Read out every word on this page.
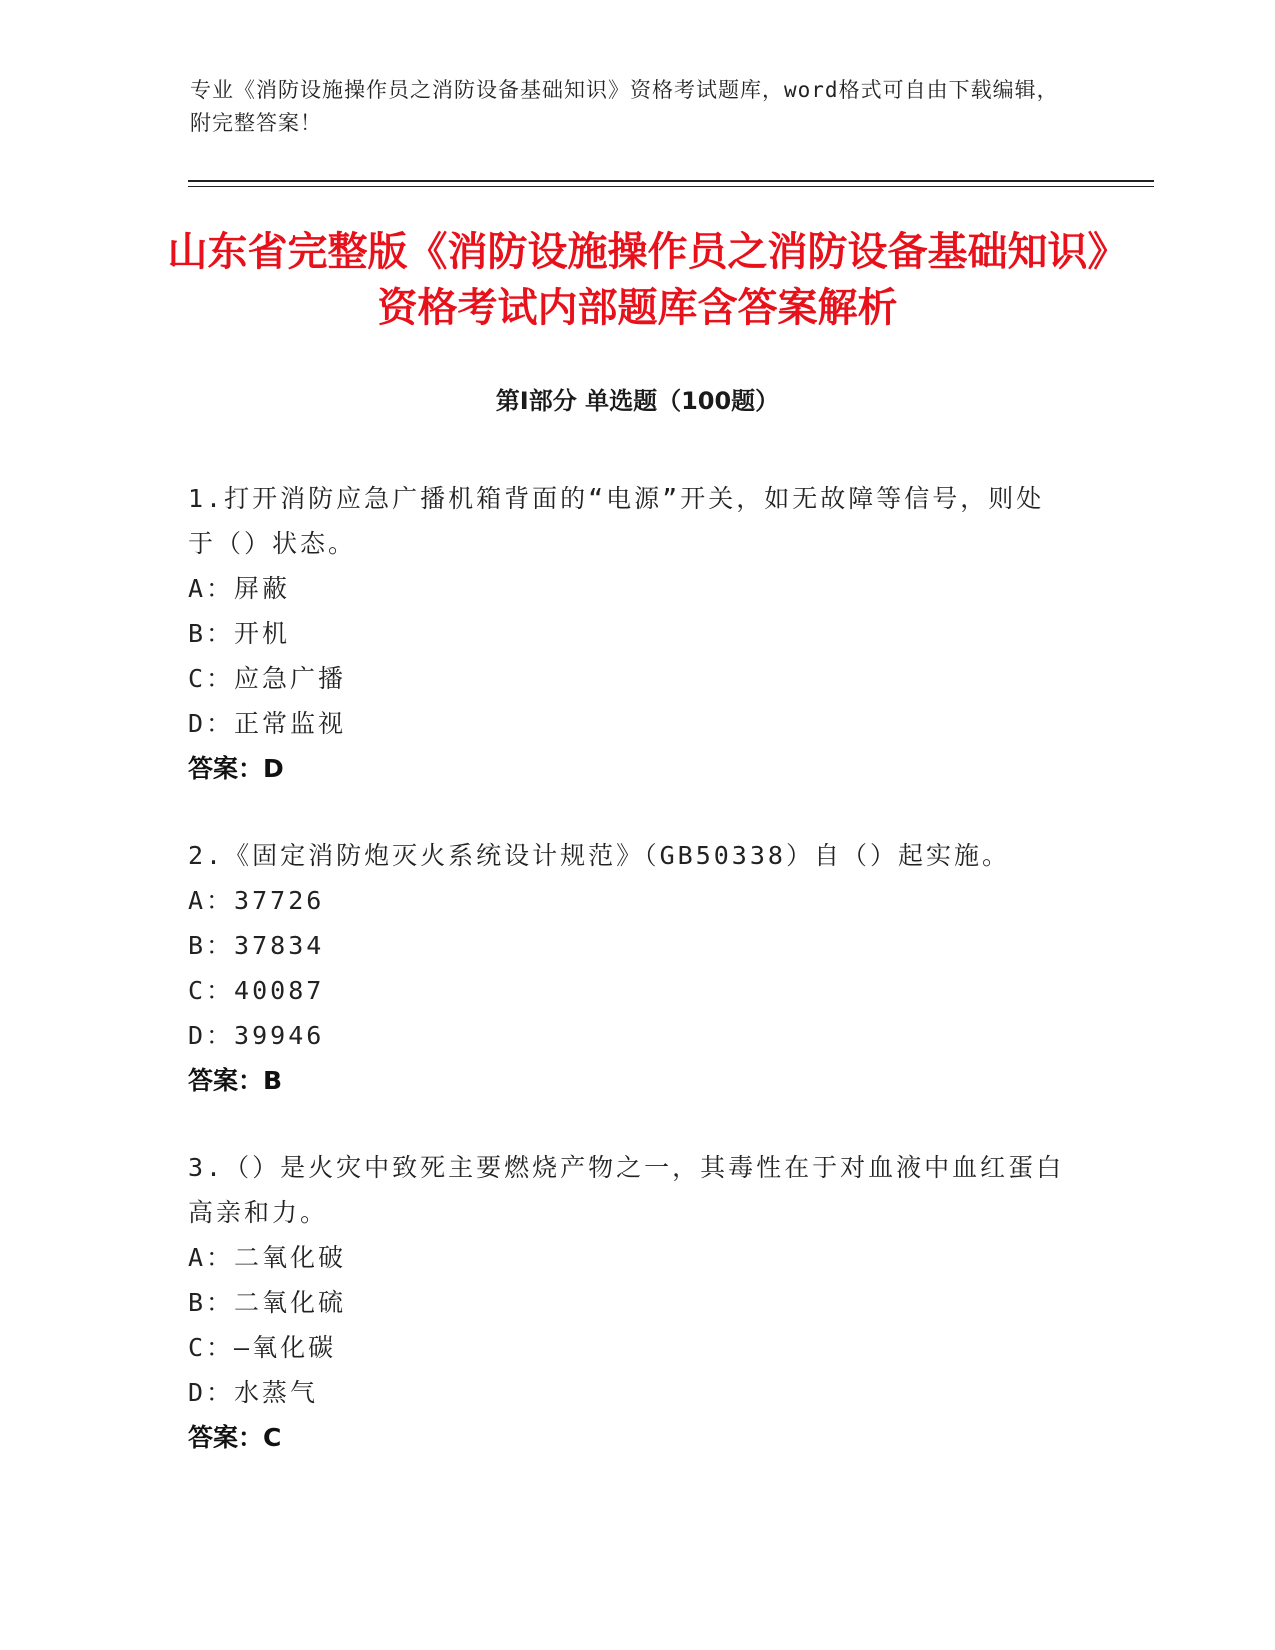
专业《消防设施操作员之消防设备基础知识》资格考试题库，word格式可自由下载编辑，附完整答案！
山东省完整版《消防设施操作员之消防设备基础知识》资格考试内部题库含答案解析
第Ⅰ部分 单选题（100题）
1.打开消防应急广播机箱背面的“电源”开关，如无故障等信号，则处于（）状态。
A：屏蔽
B：开机
C：应急广播
D：正常监视
答案：D
2.《固定消防炮灭火系统设计规范》（GB50338）自（）起实施。
A：37726
B：37834
C：40087
D：39946
答案：B
3.（）是火灾中致死主要燃烧产物之一，其毒性在于对血液中血红蛋白高亲和力。
A：二氧化破
B：二氧化硫
C：—氧化碳
D：水蒸气
答案：C
